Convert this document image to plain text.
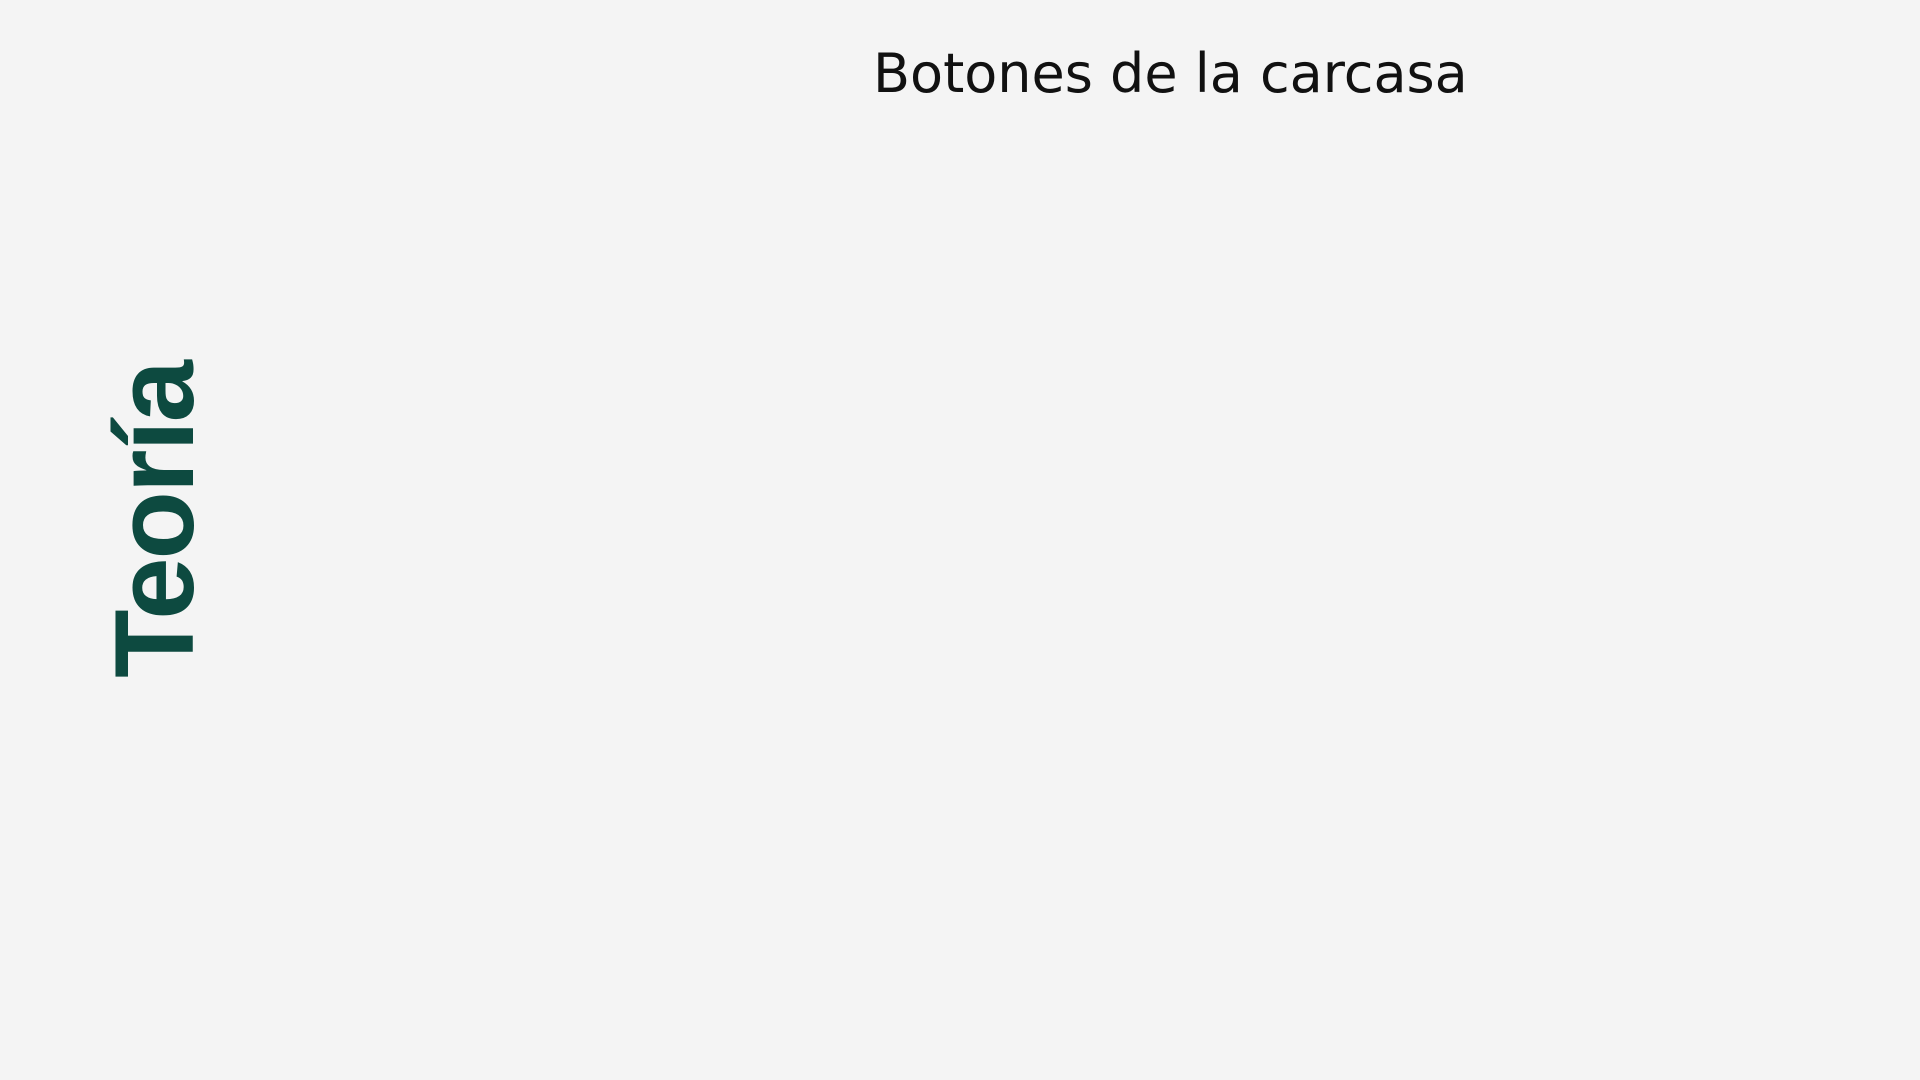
Botones de la carcasa
Teoría
